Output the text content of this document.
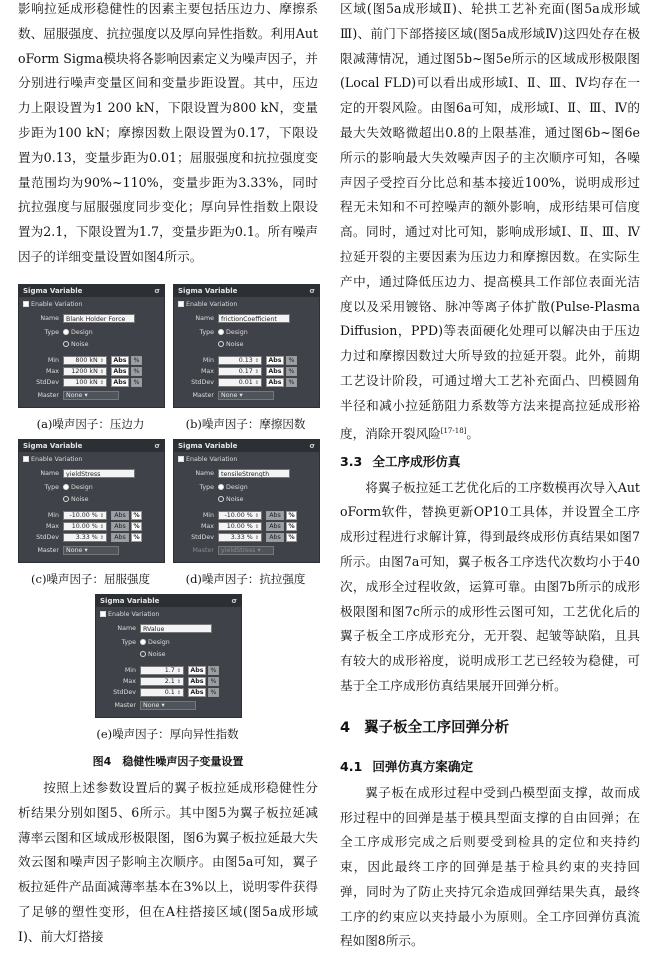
影响拉延成形稳健性的因素主要包括压边力、摩擦系数、屈服强度、抗拉强度以及厚向异性指数。利用AutoForm Sigma模块将各影响因素定义为噪声因子，并分别进行噪声变量区间和变量步距设置。其中，压边力上限设置为1 200 kN，下限设置为800 kN，变量步距为100 kN；摩擦因数上限设置为0.17，下限设置为0.13，变量步距为0.01；屈服强度和抗拉强度变量范围均为90%~110%，变量步距为3.33%，同时抗拉强度与屈服强度同步变化；厚向异性指数上限设置为2.1，下限设置为1.7，变量步距为0.1。所有噪声因子的详细变量设置如图4所示。

Sigma Variable	σ
Enable Variation
Name	Blank Holder Force
Type	Design
Noise
Min	800 kN ⇕	Abs	%
Max	1200 kN ⇕	Abs	%
StdDev	100 kN ⇕	Abs	%
Master	None ▾
(a)噪声因子：压边力
Sigma Variable	σ
Enable Variation
Name	frictionCoefficient
Type	Design
Noise
Min	0.13 ⇕	Abs	%
Max	0.17 ⇕	Abs	%
StdDev	0.01 ⇕	Abs	%
Master	None ▾
(b)噪声因子：摩擦因数
Sigma Variable	σ
Enable Variation
Name	yieldStress
Type	Design
Noise
Min	-10.00 % ⇕	Abs	%
Max	10.00 % ⇕	Abs	%
StdDev	3.33 % ⇕	Abs	%
Master	None ▾
(c)噪声因子：屈服强度
Sigma Variable	σ
Enable Variation
Name	tensileStrength
Type	Design
Noise
Min	-10.00 % ⇕	Abs	%
Max	10.00 % ⇕	Abs	%
StdDev	3.33 % ⇕	Abs	%
Master	yieldStress ▾
(d)噪声因子：抗拉强度
Sigma Variable	σ
Enable Variation
Name	RValue
Type	Design
Noise
Min	1.7 ⇕	Abs	%
Max	2.1 ⇕	Abs	%
StdDev	0.1 ⇕	Abs	%
Master	None ▾
(e)噪声因子：厚向异性指数
图4　稳健性噪声因子变量设置

按照上述参数设置后的翼子板拉延成形稳健性分析结果分别如图5、6所示。其中图5为翼子板拉延减薄率云图和区域成形极限图，图6为翼子板拉延最大失效云图和噪声因子影响主次顺序。由图5a可知，翼子板拉延件产品面减薄率基本在3%以上，说明零件获得了足够的塑性变形，但在A柱搭接区域(图5a成形域Ⅰ)、前大灯搭接

区域(图5a成形域Ⅱ)、轮拱工艺补充面(图5a成形域Ⅲ)、前门下部搭接区域(图5a成形域Ⅳ)这四处存在极限减薄情况，通过图5b~图5e所示的区域成形极限图(Local FLD)可以看出成形域Ⅰ、Ⅱ、Ⅲ、Ⅳ均存在一定的开裂风险。由图6a可知，成形域Ⅰ、Ⅱ、Ⅲ、Ⅳ的最大失效略微超出0.8的上限基准，通过图6b~图6e所示的影响最大失效噪声因子的主次顺序可知，各噪声因子受控百分比总和基本接近100%，说明成形过程无未知和不可控噪声的额外影响，成形结果可信度高。同时，通过对比可知，影响成形域Ⅰ、Ⅱ、Ⅲ、Ⅳ拉延开裂的主要因素为压边力和摩擦因数。在实际生产中，通过降低压边力、提高模具工作部位表面光洁度以及采用镀铬、脉冲等离子体扩散(Pulse-Plasma Diffusion，PPD)等表面硬化处理可以解决由于压边力过和摩擦因数过大所导致的拉延开裂。此外，前期工艺设计阶段，可通过增大工艺补充面凸、凹模圆角半径和减小拉延筋阻力系数等方法来提高拉延成形裕度，消除开裂风险[17-18]。

3.3 全工序成形仿真

将翼子板拉延工艺优化后的工序数模再次导入AutoForm软件，替换更新OP10工具体，并设置全工序成形过程进行求解计算，得到最终成形仿真结果如图7所示。由图7a可知，翼子板各工序迭代次数均小于40次，成形全过程收敛，运算可靠。由图7b所示的成形极限图和图7c所示的成形性云图可知，工艺优化后的翼子板全工序成形充分，无开裂、起皱等缺陷，且具有较大的成形裕度，说明成形工艺已经较为稳健，可基于全工序成形仿真结果展开回弹分析。

4 翼子板全工序回弹分析
4.1 回弹仿真方案确定

翼子板在成形过程中受到凸模型面支撑，故而成形过程中的回弹是基于模具型面支撑的自由回弹；在全工序成形完成之后则要受到检具的定位和夹持约束，因此最终工序的回弹是基于检具约束的夹持回弹，同时为了防止夹持冗余造成回弹结果失真，最终工序的约束应以夹持最小为原则。全工序回弹仿真流程如图8所示。
